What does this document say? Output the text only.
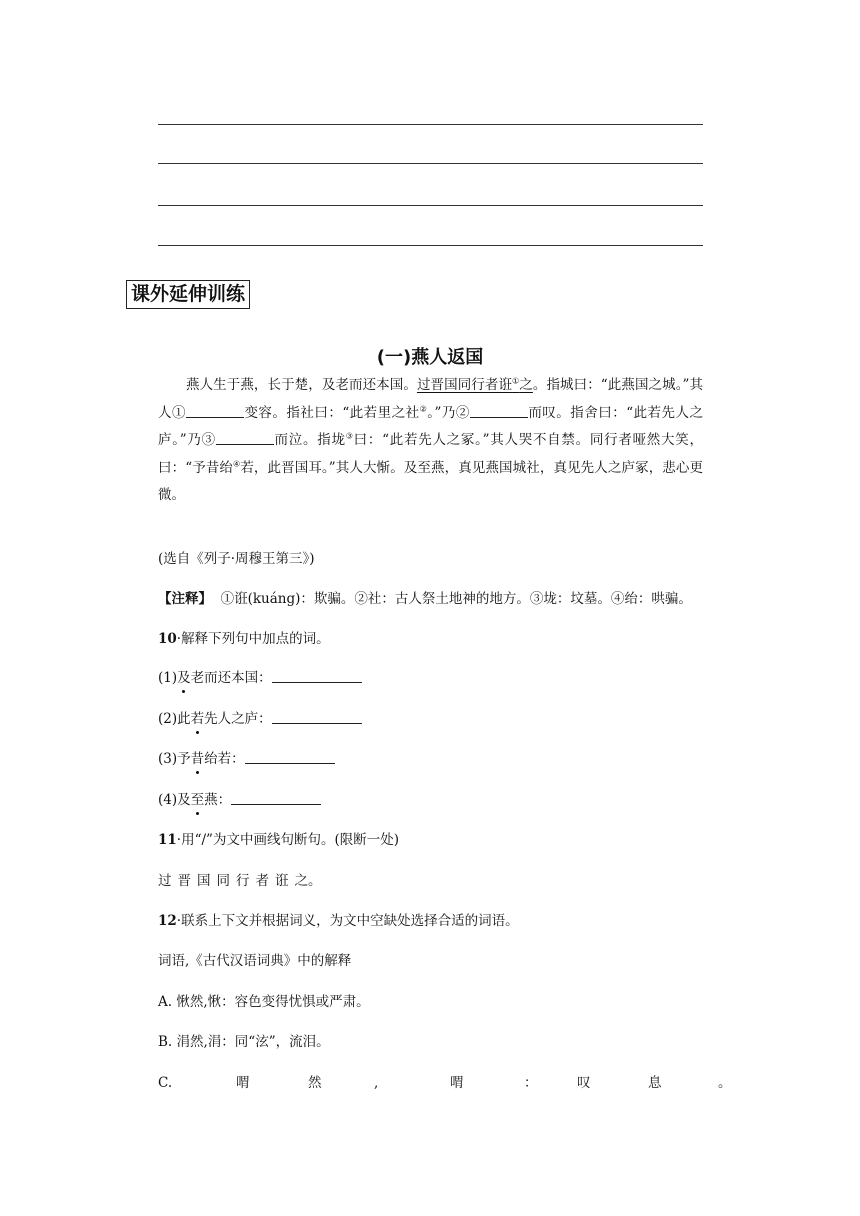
课外延伸训练
(一)燕人返国

燕人生于燕，长于楚，及老而还本国。过晋国同行者诳①之。指城曰：“此燕国之城。”其人①	变容。指社曰：“此若里之社②。”乃②	而叹。指舍曰：“此若先人之庐。”乃③	而泣。指垅③曰：“此若先人之冢。”其人哭不自禁。同行者哑然大笑，曰：“予昔绐④若，此晋国耳。”其人大惭。及至燕，真见燕国城社，真见先人之庐冢，悲心更微。

(选自《列子·周穆王第三》)
【注释】 ①诳(kuáng)：欺骗。②社：古人祭土地神的地方。③垅：坟墓。④绐：哄骗。
10·解释下列句中加点的词。
(1)及老而还本国：
(2)此若先人之庐：
(3)予昔绐若：
(4)及至燕：
11·用“/”为文中画线句断句。(限断一处)
过 晋 国 同 行 者 诳 之。
12·联系上下文并根据词义，为文中空缺处选择合适的词语。
词语,《古代汉语词典》中的解释
A. 愀然,愀：容色变得忧惧或严肃。
B. 涓然,涓：同“泫”，流泪。
C.	喟	然	,	喟	：	叹	息	。
